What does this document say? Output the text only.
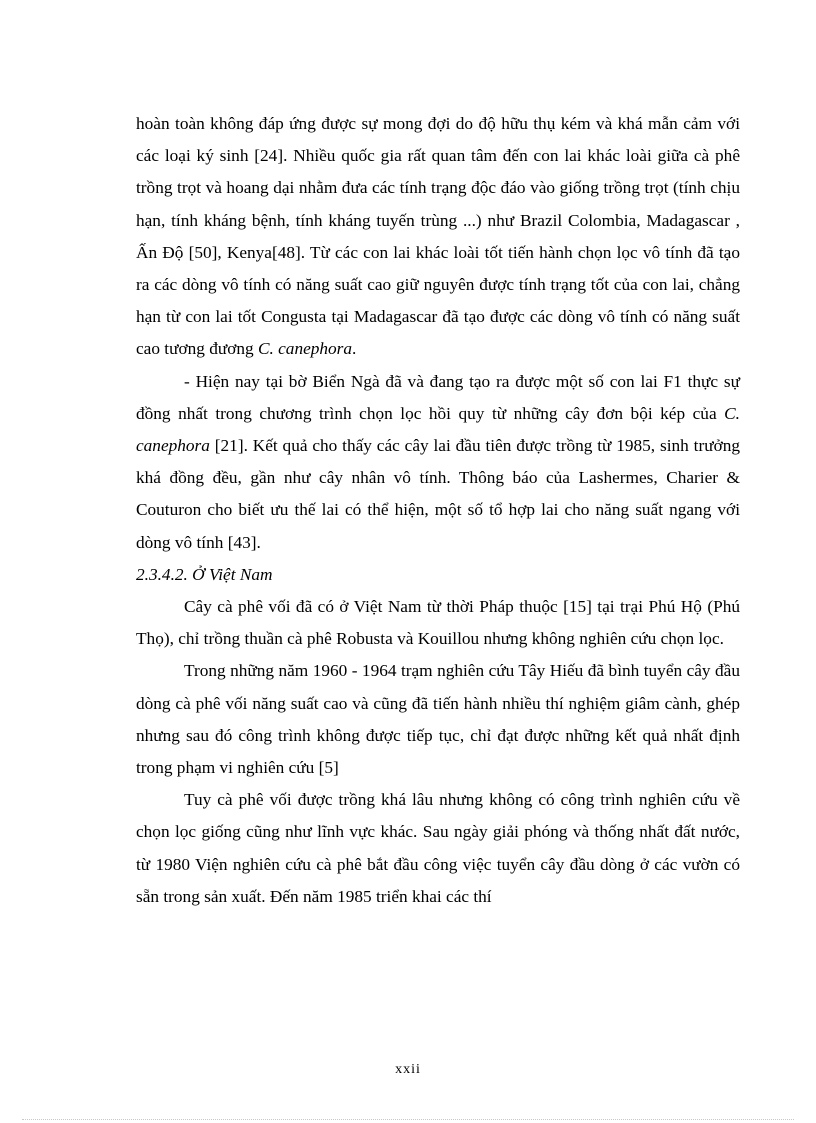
hoàn toàn không đáp ứng được sự mong đợi do độ hữu thụ kém và khá mẫn cảm với các loại ký sinh [24]. Nhiều quốc gia rất quan tâm đến con lai khác loài giữa cà phê trồng trọt và hoang dại nhằm đưa các tính trạng độc đáo vào giống trồng trọt (tính chịu hạn, tính kháng bệnh, tính kháng tuyến trùng ...) như Brazil Colombia, Madagascar , Ấn Độ [50], Kenya[48]. Từ các con lai khác loài tốt tiến hành chọn lọc vô tính đã tạo ra các dòng vô tính có năng suất cao giữ nguyên được tính trạng tốt của con lai, chẳng hạn từ con lai tốt Congusta tại Madagascar đã tạo được các dòng vô tính có năng suất cao tương đương C. canephora.

- Hiện nay tại bờ Biển Ngà đã và đang tạo ra được một số con lai F1 thực sự đồng nhất trong chương trình chọn lọc hồi quy từ những cây đơn bội kép của C. canephora [21]. Kết quả cho thấy các cây lai đầu tiên được trồng từ 1985, sinh trưởng khá đồng đều, gần như cây nhân vô tính. Thông báo của Lashermes, Charier & Couturon cho biết ưu thế lai có thể hiện, một số tổ hợp lai cho năng suất ngang với dòng vô tính [43].

2.3.4.2. Ở Việt Nam

Cây cà phê vối đã có ở Việt Nam từ thời Pháp thuộc [15] tại trại Phú Hộ (Phú Thọ), chỉ trồng thuần cà phê Robusta và Kouillou nhưng không nghiên cứu chọn lọc.

Trong những năm 1960 - 1964 trạm nghiên cứu Tây Hiếu đã bình tuyển cây đầu dòng cà phê vối năng suất cao và cũng đã tiến hành nhiều thí nghiệm giâm cành, ghép nhưng sau đó công trình không được tiếp tục, chỉ đạt được những kết quả nhất định trong phạm vi nghiên cứu [5]

Tuy cà phê vối được trồng khá lâu nhưng không có công trình nghiên cứu về chọn lọc giống cũng như lĩnh vực khác. Sau ngày giải phóng và thống nhất đất nước, từ 1980 Viện nghiên cứu cà phê bắt đầu công việc tuyển cây đầu dòng ở các vườn có sẵn trong sản xuất. Đến năm 1985 triển khai các thí

xxii
